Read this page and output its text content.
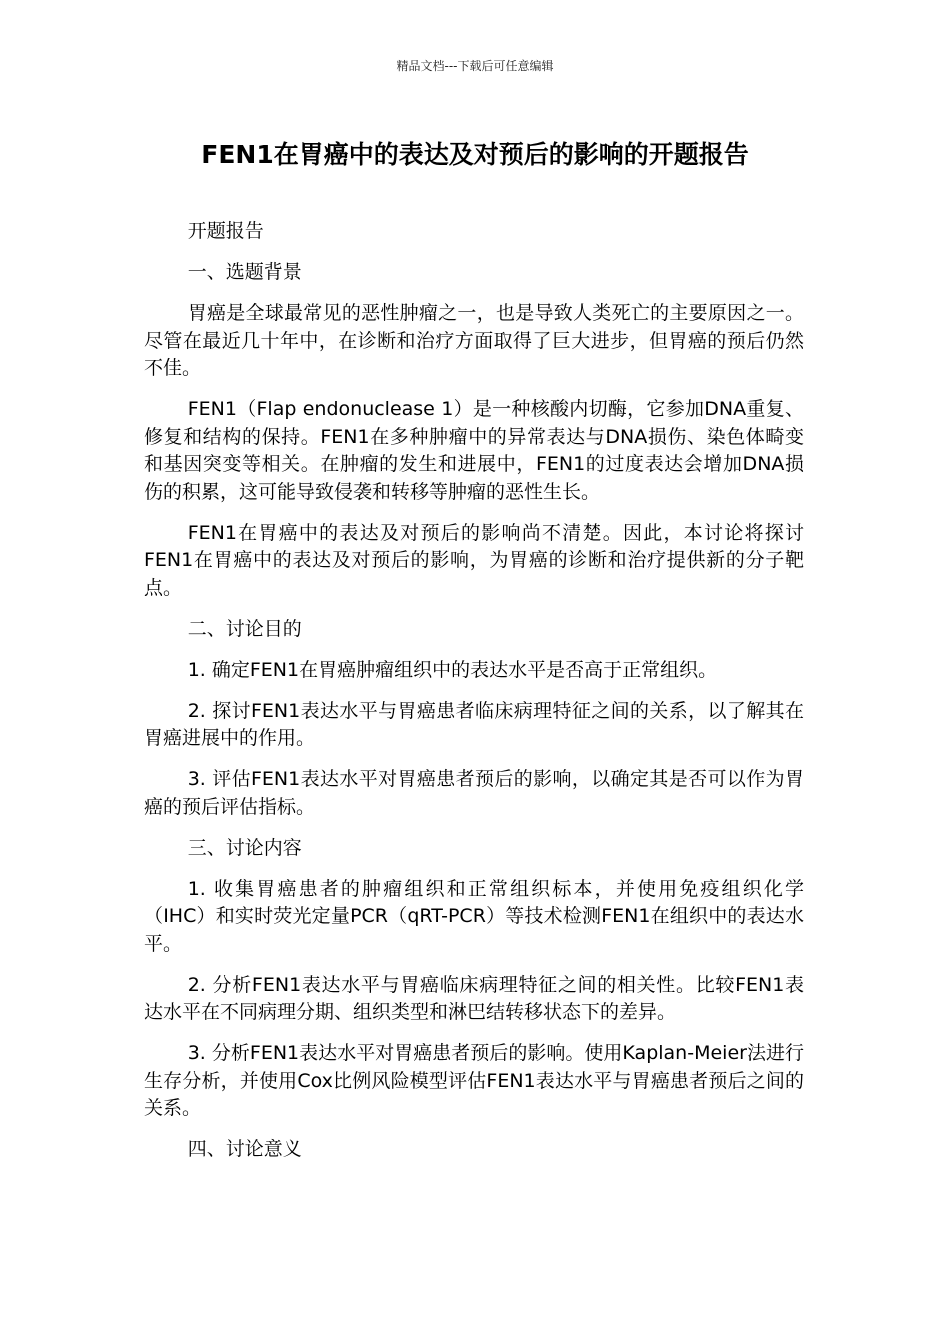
精品文档---下载后可任意编辑
FEN1在胃癌中的表达及对预后的影响的开题报告

开题报告

一、选题背景

胃癌是全球最常见的恶性肿瘤之一，也是导致人类死亡的主要原因之一。尽管在最近几十年中，在诊断和治疗方面取得了巨大进步，但胃癌的预后仍然不佳。

FEN1（Flap endonuclease 1）是一种核酸内切酶，它参加DNA重复、修复和结构的保持。FEN1在多种肿瘤中的异常表达与DNA损伤、染色体畸变和基因突变等相关。在肿瘤的发生和进展中，FEN1的过度表达会增加DNA损伤的积累，这可能导致侵袭和转移等肿瘤的恶性生长。

FEN1在胃癌中的表达及对预后的影响尚不清楚。因此，本讨论将探讨FEN1在胃癌中的表达及对预后的影响，为胃癌的诊断和治疗提供新的分子靶点。

二、讨论目的

1. 确定FEN1在胃癌肿瘤组织中的表达水平是否高于正常组织。

2. 探讨FEN1表达水平与胃癌患者临床病理特征之间的关系，以了解其在胃癌进展中的作用。

3. 评估FEN1表达水平对胃癌患者预后的影响，以确定其是否可以作为胃癌的预后评估指标。

三、讨论内容

1. 收集胃癌患者的肿瘤组织和正常组织标本，并使用免疫组织化学（IHC）和实时荧光定量PCR（qRT-PCR）等技术检测FEN1在组织中的表达水平。

2. 分析FEN1表达水平与胃癌临床病理特征之间的相关性。比较FEN1表达水平在不同病理分期、组织类型和淋巴结转移状态下的差异。

3. 分析FEN1表达水平对胃癌患者预后的影响。使用Kaplan-Meier法进行生存分析，并使用Cox比例风险模型评估FEN1表达水平与胃癌患者预后之间的关系。

四、讨论意义
